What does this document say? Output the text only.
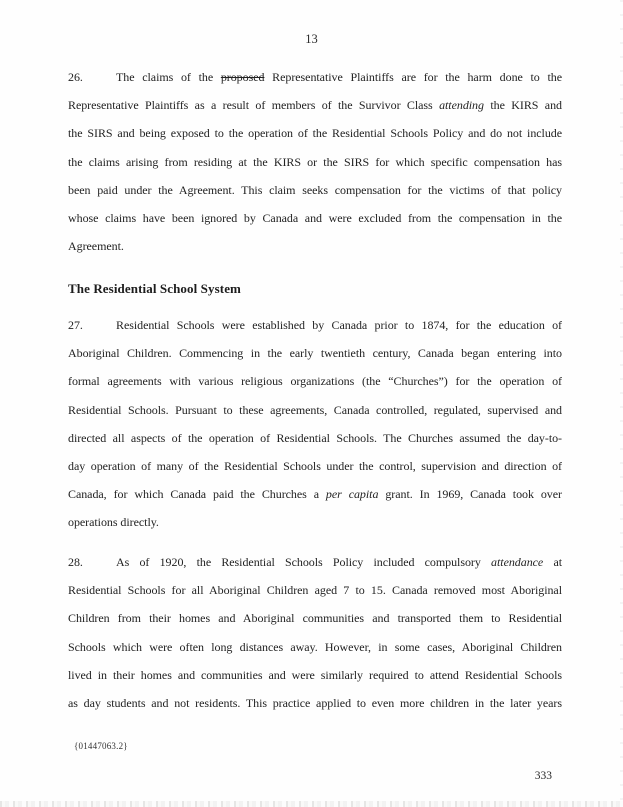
13
26.	The claims of the proposed Representative Plaintiffs are for the harm done to the
Representative Plaintiffs as a result of members of the Survivor Class attending the KIRS and
the SIRS and being exposed to the operation of the Residential Schools Policy and do not include
the claims arising from residing at the KIRS or the SIRS for which specific compensation has
been paid under the Agreement. This claim seeks compensation for the victims of that policy
whose claims have been ignored by Canada and were excluded from the compensation in the
Agreement.
The Residential School System
27.	Residential Schools were established by Canada prior to 1874, for the education of
Aboriginal Children. Commencing in the early twentieth century, Canada began entering into
formal agreements with various religious organizations (the “Churches”) for the operation of
Residential Schools. Pursuant to these agreements, Canada controlled, regulated, supervised and
directed all aspects of the operation of Residential Schools. The Churches assumed the day-to-
day operation of many of the Residential Schools under the control, supervision and direction of
Canada, for which Canada paid the Churches a per capita grant. In 1969, Canada took over
operations directly.
28.	As of 1920, the Residential Schools Policy included compulsory attendance at
Residential Schools for all Aboriginal Children aged 7 to 15. Canada removed most Aboriginal
Children from their homes and Aboriginal communities and transported them to Residential
Schools which were often long distances away. However, in some cases, Aboriginal Children
lived in their homes and communities and were similarly required to attend Residential Schools
as day students and not residents. This practice applied to even more children in the later years
{01447063.2}
333
